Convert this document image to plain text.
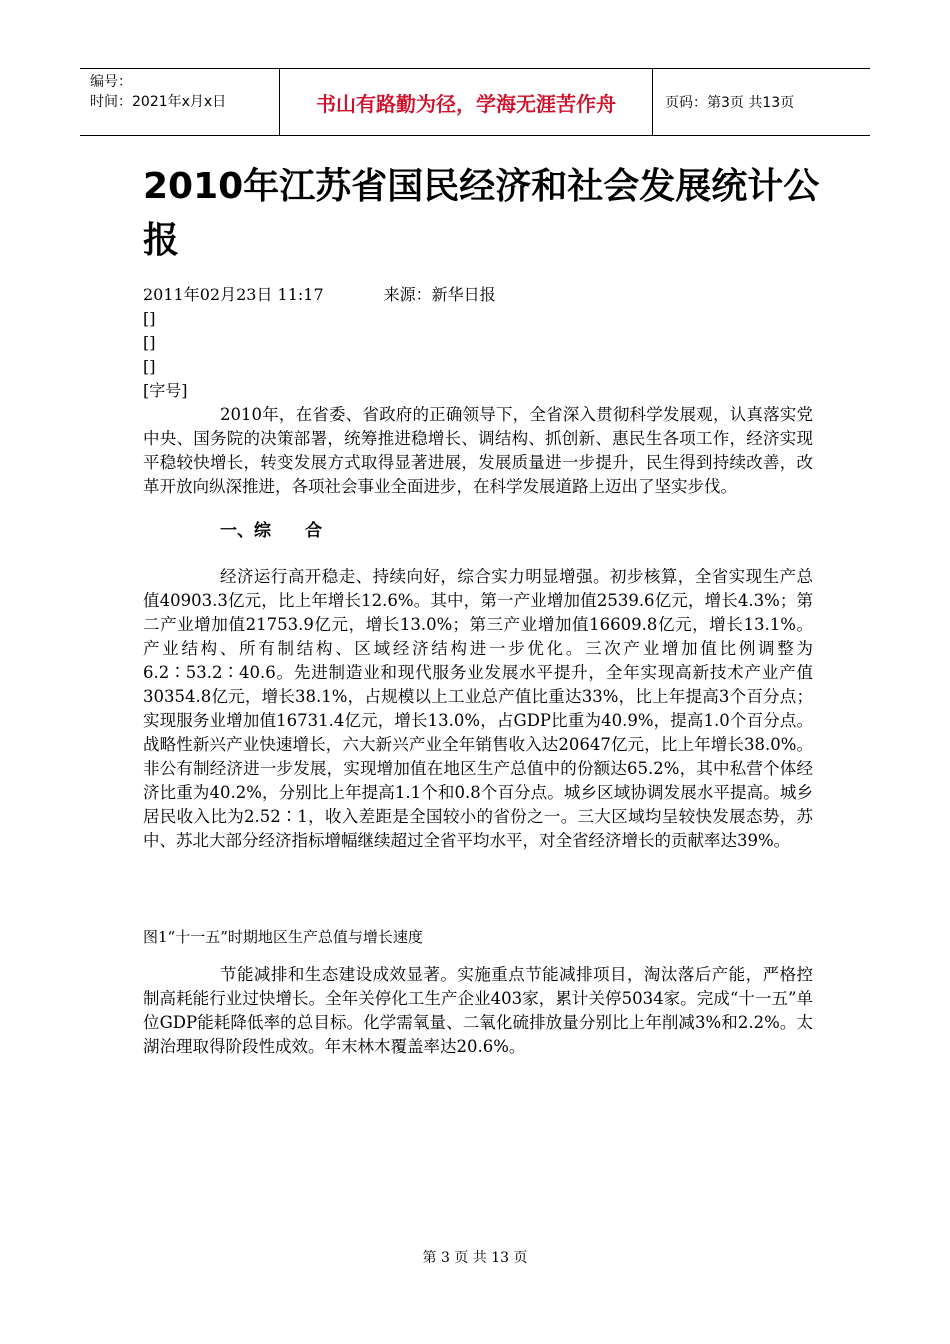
编号：
时间：2021年x月x日	书山有路勤为径，学海无涯苦作舟	页码：第3页 共13页
2010年江苏省国民经济和社会发展统计公报
2011年02月23日 11:17	来源：新华日报
[]
[]
[]
[字号]

2010年，在省委、省政府的正确领导下，全省深入贯彻科学发展观，认真落实党中央、国务院的决策部署，统筹推进稳增长、调结构、抓创新、惠民生各项工作，经济实现平稳较快增长，转变发展方式取得显著进展，发展质量进一步提升，民生得到持续改善，改革开放向纵深推进，各项社会事业全面进步，在科学发展道路上迈出了坚实步伐。

一、综　　合

经济运行高开稳走、持续向好，综合实力明显增强。初步核算，全省实现生产总值40903.3亿元，比上年增长12.6%。其中，第一产业增加值2539.6亿元，增长4.3%；第二产业增加值21753.9亿元，增长13.0%；第三产业增加值16609.8亿元，增长13.1%。产业结构、所有制结构、区域经济结构进一步优化。三次产业增加值比例调整为6.2∶53.2∶40.6。先进制造业和现代服务业发展水平提升，全年实现高新技术产业产值30354.8亿元，增长38.1%，占规模以上工业总产值比重达33%，比上年提高3个百分点；实现服务业增加值16731.4亿元，增长13.0%，占GDP比重为40.9%，提高1.0个百分点。战略性新兴产业快速增长，六大新兴产业全年销售收入达20647亿元，比上年增长38.0%。非公有制经济进一步发展，实现增加值在地区生产总值中的份额达65.2%，其中私营个体经济比重为40.2%，分别比上年提高1.1个和0.8个百分点。城乡区域协调发展水平提高。城乡居民收入比为2.52∶1，收入差距是全国较小的省份之一。三大区域均呈较快发展态势，苏中、苏北大部分经济指标增幅继续超过全省平均水平，对全省经济增长的贡献率达39%。

图1“十一五”时期地区生产总值与增长速度

节能减排和生态建设成效显著。实施重点节能减排项目，淘汰落后产能，严格控制高耗能行业过快增长。全年关停化工生产企业403家，累计关停5034家。完成“十一五”单位GDP能耗降低率的总目标。化学需氧量、二氧化硫排放量分别比上年削减3%和2.2%。太湖治理取得阶段性成效。年末林木覆盖率达20.6%。

第 3 页 共 13 页
